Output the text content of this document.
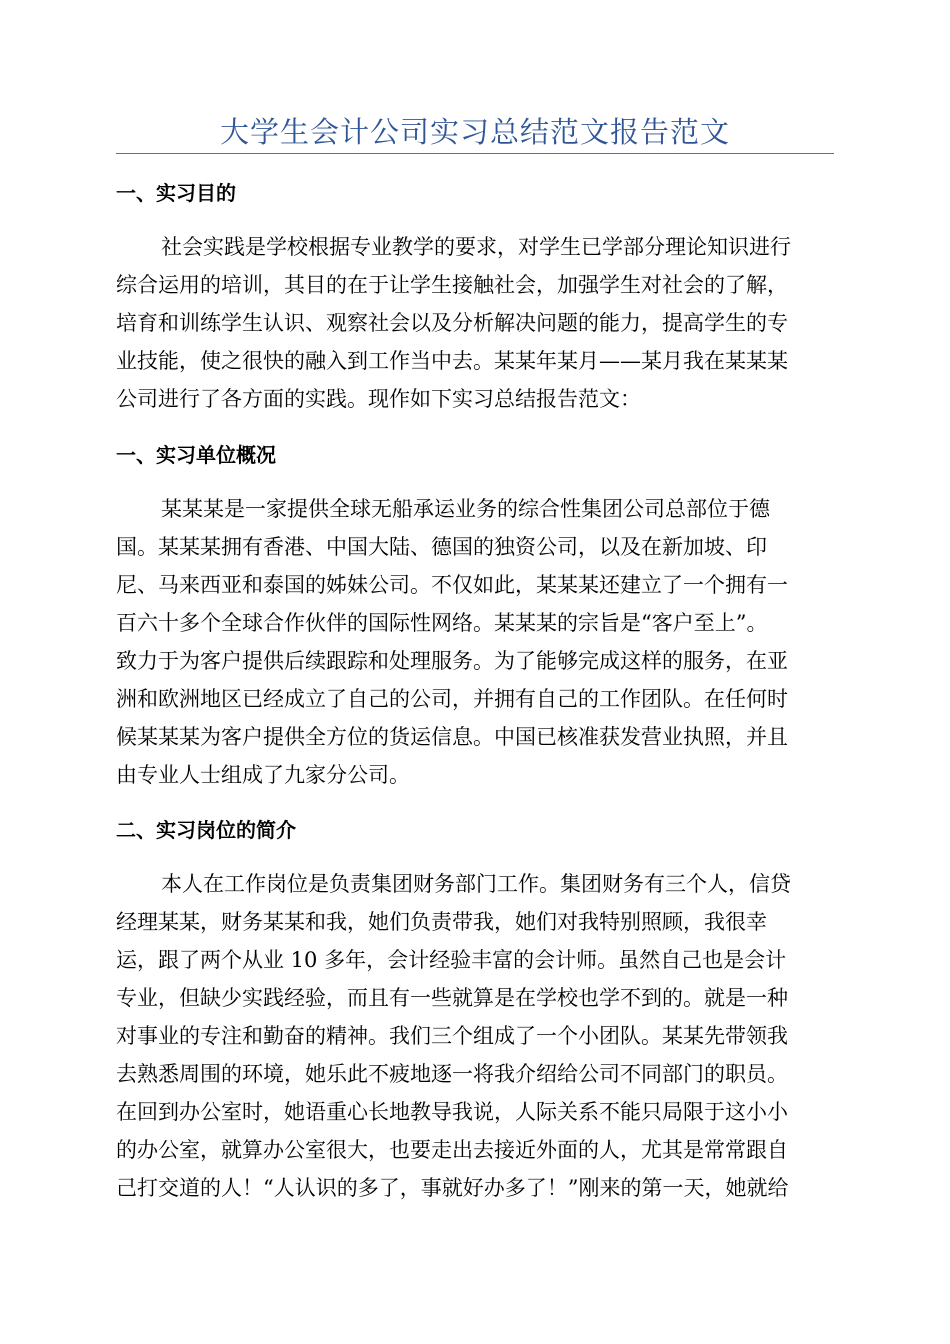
大学生会计公司实习总结范文报告范文
一、实习目的
社会实践是学校根据专业教学的要求，对学生已学部分理论知识进行
综合运用的培训，其目的在于让学生接触社会，加强学生对社会的了解，
培育和训练学生认识、观察社会以及分析解决问题的能力，提高学生的专
业技能，使之很快的融入到工作当中去。某某年某月——某月我在某某某
公司进行了各方面的实践。现作如下实习总结报告范文：
一、实习单位概况
某某某是一家提供全球无船承运业务的综合性集团公司总部位于德
国。某某某拥有香港、中国大陆、德国的独资公司，以及在新加坡、印
尼、马来西亚和泰国的姊妹公司。不仅如此，某某某还建立了一个拥有一
百六十多个全球合作伙伴的国际性网络。某某某的宗旨是“客户至上”。
致力于为客户提供后续跟踪和处理服务。为了能够完成这样的服务，在亚
洲和欧洲地区已经成立了自己的公司，并拥有自己的工作团队。在任何时
候某某某为客户提供全方位的货运信息。中国已核准获发营业执照，并且
由专业人士组成了九家分公司。
二、实习岗位的简介
本人在工作岗位是负责集团财务部门工作。集团财务有三个人，信贷
经理某某，财务某某和我，她们负责带我，她们对我特别照顾，我很幸
运，跟了两个从业 10 多年，会计经验丰富的会计师。虽然自己也是会计
专业，但缺少实践经验，而且有一些就算是在学校也学不到的。就是一种
对事业的专注和勤奋的精神。我们三个组成了一个小团队。某某先带领我
去熟悉周围的环境，她乐此不疲地逐一将我介绍给公司不同部门的职员。
在回到办公室时，她语重心长地教导我说，人际关系不能只局限于这小小
的办公室，就算办公室很大，也要走出去接近外面的人，尤其是常常跟自
己打交道的人！“人认识的多了，事就好办多了！”刚来的第一天，她就给
